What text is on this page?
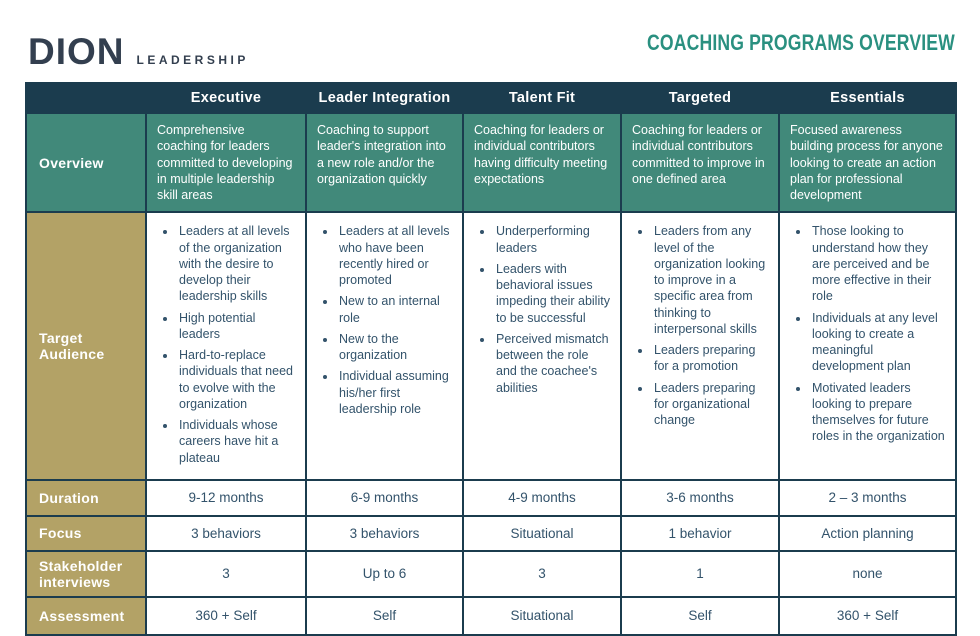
DION LEADERSHIP
COACHING PROGRAMS OVERVIEW
	Executive	Leader Integration	Talent Fit	Targeted	Essentials
Overview	Comprehensive coaching for leaders committed to developing in multiple leadership skill areas	Coaching to support leader's integration into a new role and/or the organization quickly	Coaching for leaders or individual contributors having difficulty meeting expectations	Coaching for leaders or individual contributors committed to improve in one defined area	Focused awareness building process for anyone looking to create an action plan for professional development
Target Audience	
• Leaders at all levels of the organization with the desire to develop their leadership skills
• High potential leaders
• Hard-to-replace individuals that need to evolve with the organization
• Individuals whose careers have hit a plateau

• Leaders at all levels who have been recently hired or promoted
• New to an internal role
• New to the organization
• Individual assuming his/her first leadership role

• Underperforming leaders
• Leaders with behavioral issues impeding their ability to be successful
• Perceived mismatch between the role and the coachee's abilities

• Leaders from any level of the organization looking to improve in a specific area from thinking to interpersonal skills
• Leaders preparing for a promotion
• Leaders preparing for organizational change

• Those looking to understand how they are perceived and be more effective in their role
• Individuals at any level looking to create a meaningful development plan
• Motivated leaders looking to prepare themselves for future roles in the organization

Duration	9-12 months	6-9 months	4-9 months	3-6 months	2 – 3 months
Focus	3 behaviors	3 behaviors	Situational	1 behavior	Action planning
Stakeholder interviews	3	Up to 6	3	1	none
Assessment	360 + Self	Self	Situational	Self	360 + Self
